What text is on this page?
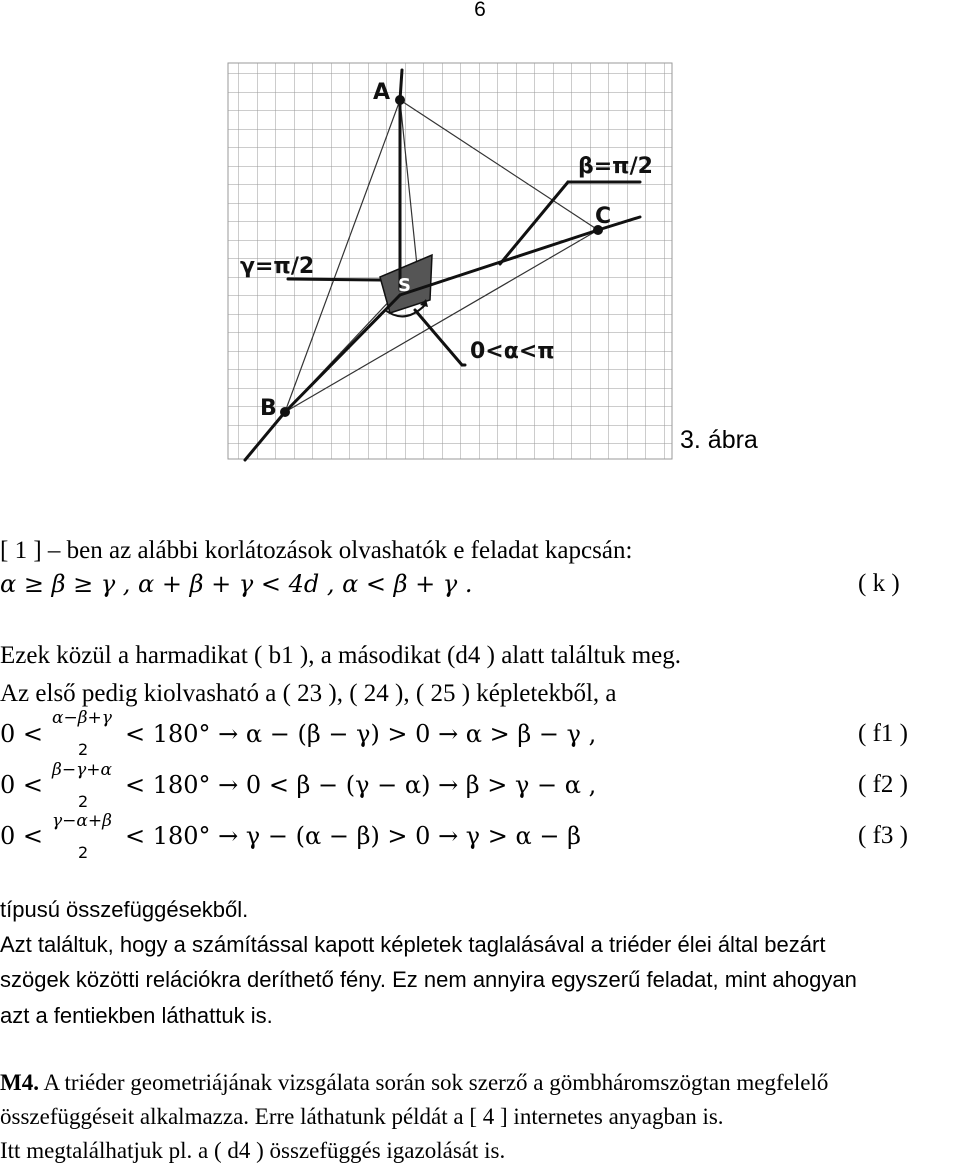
6
A
B
C
S
β=π/2
γ=π/2
0<α<π
3. ábra
[ 1 ] – ben az alábbi korlátozások olvashatók e feladat kapcsán:
α ≥ β ≥ γ , α + β + γ < 4d , α < β + γ .	( k )
Ezek közül a harmadikat ( b1 ), a másodikat (d4 ) alatt találtuk meg.
Az első pedig kiolvasható a ( 23 ), ( 24 ), ( 25 ) képletekből, a
0 <
α−β+γ
2
< 180° → α − (β − γ) > 0 → α > β − γ ,	( f1 )
0 <
β−γ+α
2
< 180° → 0 < β − (γ − α) → β > γ − α ,	( f2 )
0 <
γ−α+β
2
< 180° → γ − (α − β) > 0 → γ > α − β	( f3 )
típusú összefüggésekből.
Azt találtuk, hogy a számítással kapott képletek taglalásával a triéder élei által bezárt
szögek közötti relációkra deríthető fény. Ez nem annyira egyszerű feladat, mint ahogyan
azt a fentiekben láthattuk is.
M4. A triéder geometriájának vizsgálata során sok szerző a gömbháromszögtan megfelelő
összefüggéseit alkalmazza. Erre láthatunk példát a [ 4 ] internetes anyagban is.
Itt megtalálhatjuk pl. a ( d4 ) összefüggés igazolását is.
